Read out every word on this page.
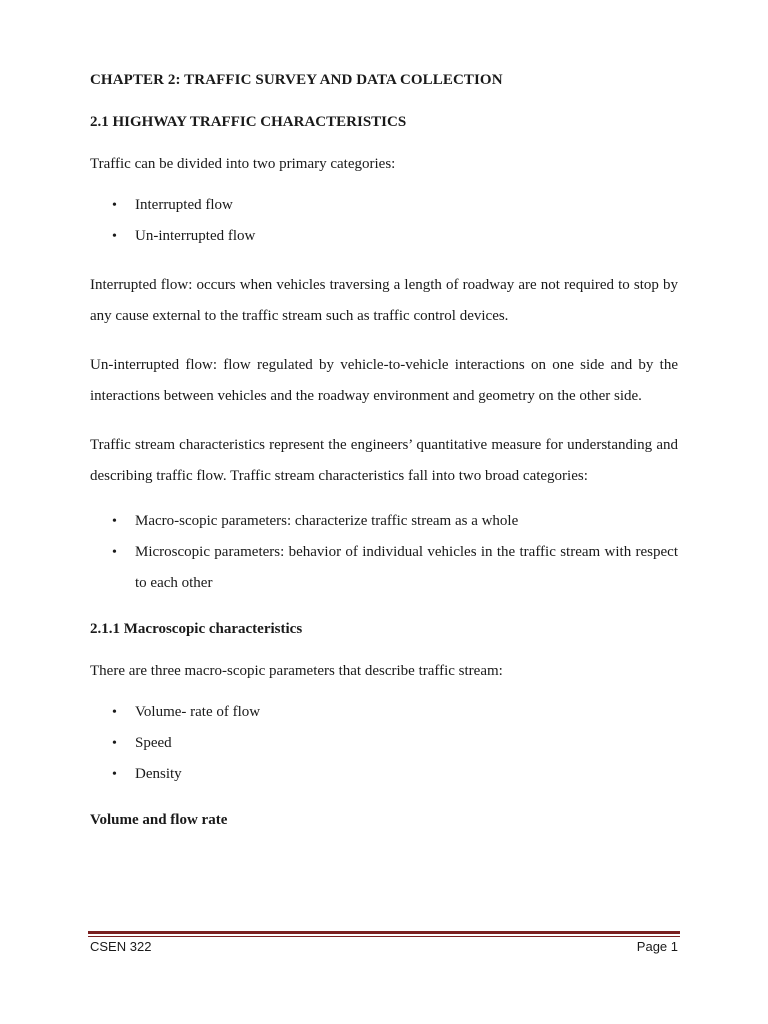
CHAPTER 2: TRAFFIC SURVEY AND DATA COLLECTION
2.1 HIGHWAY TRAFFIC CHARACTERISTICS
Traffic can be divided into two primary categories:
• Interrupted flow
• Un-interrupted flow
Interrupted flow: occurs when vehicles traversing a length of roadway are not required to stop by any cause external to the traffic stream such as traffic control devices.
Un-interrupted flow: flow regulated by vehicle-to-vehicle interactions on one side and by the interactions between vehicles and the roadway environment and geometry on the other side.
Traffic stream characteristics represent the engineers’ quantitative measure for understanding and describing traffic flow. Traffic stream characteristics fall into two broad categories:
• Macro-scopic parameters: characterize traffic stream as a whole
• Microscopic parameters: behavior of individual vehicles in the traffic stream with respect to each other
2.1.1 Macroscopic characteristics
There are three macro-scopic parameters that describe traffic stream:
• Volume- rate of flow
• Speed
• Density
Volume and flow rate
CSEN 322	Page 1
